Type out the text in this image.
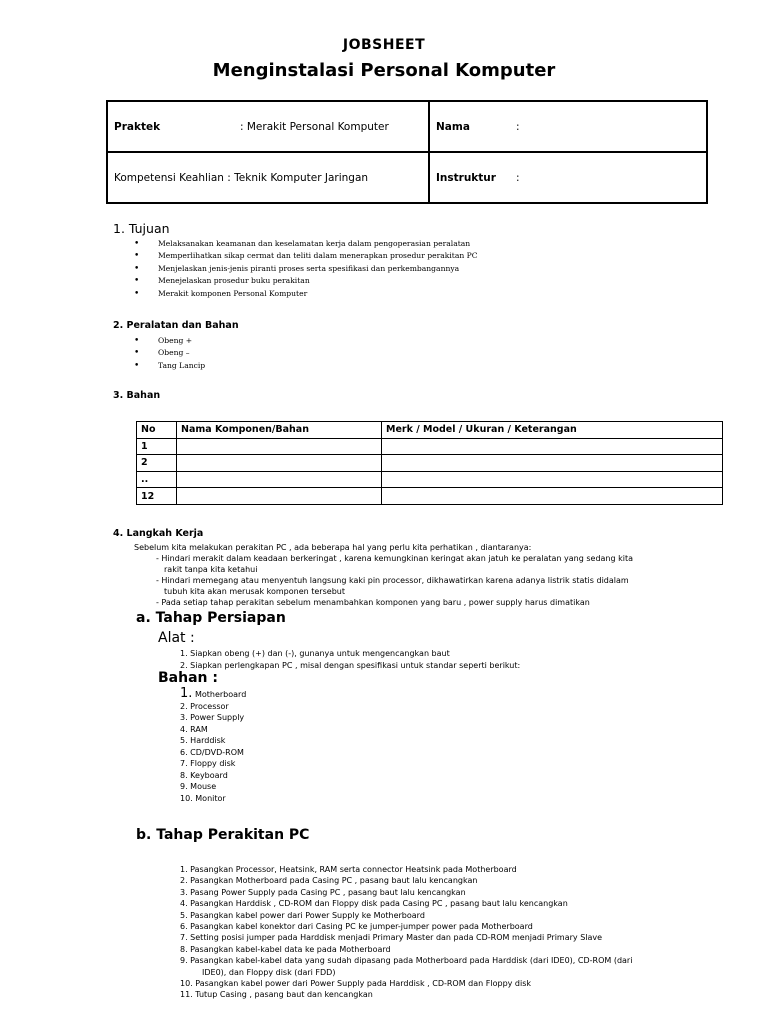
JOBSHEET
Menginstalasi Personal Komputer
Praktek : Merakit Personal Komputer	Nama :
Kompetensi Keahlian : Teknik Komputer Jaringan	Instruktur :
1. Tujuan
• Melaksanakan keamanan dan keselamatan kerja dalam pengoperasian peralatan
• Memperlihatkan sikap cermat dan teliti dalam menerapkan prosedur perakitan PC
• Menjelaskan jenis-jenis piranti proses serta spesifikasi dan perkembangannya
• Menejelaskan prosedur buku perakitan
• Merakit komponen Personal Komputer
2. Peralatan dan Bahan
• Obeng +
• Obeng –
• Tang Lancip
3. Bahan
No	Nama Komponen/Bahan	Merk / Model / Ukuran / Keterangan
1		
2		
..		
12		
4. Langkah Kerja
Sebelum kita melakukan perakitan PC , ada beberapa hal yang perlu kita perhatikan , diantaranya:
- Hindari merakit dalam keadaan berkeringat , karena kemungkinan keringat akan jatuh ke peralatan yang sedang kita
rakit tanpa kita ketahui
- Hindari memegang atau menyentuh langsung kaki pin processor, dikhawatirkan karena adanya listrik statis didalam
tubuh kita akan merusak komponen tersebut
- Pada setiap tahap perakitan sebelum menambahkan komponen yang baru , power supply harus dimatikan
a. Tahap Persiapan
Alat :
1. Siapkan obeng (+) dan (-), gunanya untuk mengencangkan baut
2. Siapkan perlengkapan PC , misal dengan spesifikasi untuk standar seperti berikut:
Bahan :
1. Motherboard
2. Processor
3. Power Supply
4. RAM
5. Harddisk
6. CD/DVD-ROM
7. Floppy disk
8. Keyboard
9. Mouse
10. Monitor
b. Tahap Perakitan PC
1. Pasangkan Processor, Heatsink, RAM serta connector Heatsink pada Motherboard
2. Pasangkan Motherboard pada Casing PC , pasang baut lalu kencangkan
3. Pasang Power Supply pada Casing PC , pasang baut lalu kencangkan
4. Pasangkan Harddisk , CD-ROM dan Floppy disk pada Casing PC , pasang baut lalu kencangkan
5. Pasangkan kabel power dari Power Supply ke Motherboard
6. Pasangkan kabel konektor dari Casing PC ke jumper-jumper power pada Motherboard
7. Setting posisi jumper pada Harddisk menjadi Primary Master dan pada CD-ROM menjadi Primary Slave
8. Pasangkan kabel-kabel data ke pada Motherboard
9. Pasangkan kabel-kabel data yang sudah dipasang pada Motherboard pada Harddisk (dari IDE0), CD-ROM (dari
IDE0), dan Floppy disk (dari FDD)
10. Pasangkan kabel power dari Power Supply pada Harddisk , CD-ROM dan Floppy disk
11. Tutup Casing , pasang baut dan kencangkan
